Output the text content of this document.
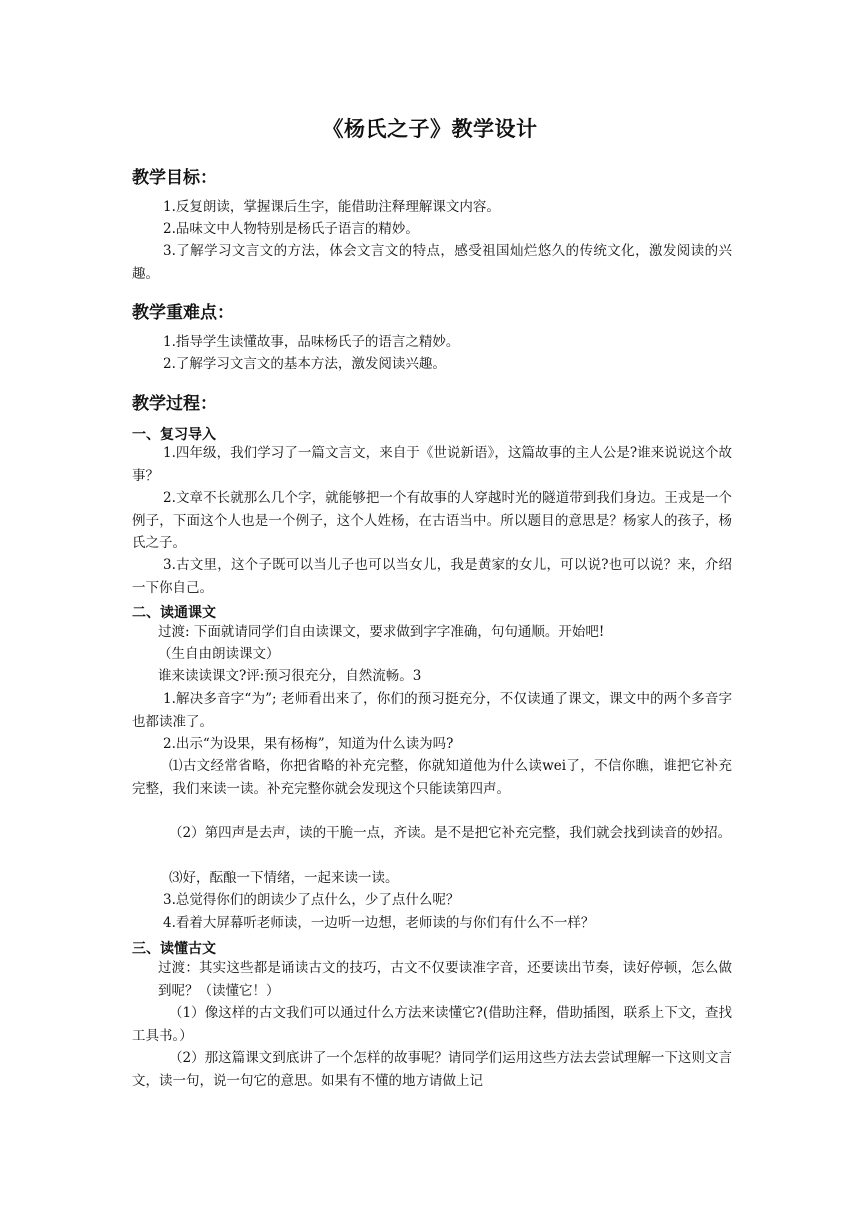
《杨氏之子》教学设计
教学目标：
1.反复朗读，掌握课后生字，能借助注释理解课文内容。
2.品味文中人物特别是杨氏子语言的精妙。
3.了解学习文言文的方法，体会文言文的特点，感受祖国灿烂悠久的传统文化，激发阅读的兴趣。
教学重难点：
1.指导学生读懂故事，品味杨氏子的语言之精妙。
2.了解学习文言文的基本方法，激发阅读兴趣。
教学过程：
一、复习导入
1.四年级，我们学习了一篇文言文，来自于《世说新语》，这篇故事的主人公是?谁来说说这个故事？
2.文章不长就那么几个字，就能够把一个有故事的人穿越时光的隧道带到我们身边。王戎是一个例子，下面这个人也是一个例子，这个人姓杨，在古语当中。所以题目的意思是？杨家人的孩子，杨氏之子。
3.古文里，这个子既可以当儿子也可以当女儿，我是黄家的女儿，可以说?也可以说？来，介绍一下你自己。
二、读通课文
过渡: 下面就请同学们自由读课文，要求做到字字准确，句句通顺。开始吧!
（生自由朗读课文）
谁来读读课文?评:预习很充分，自然流畅。3
1.解决多音字“为”; 老师看出来了，你们的预习挺充分，不仅读通了课文，课文中的两个多音字也都读准了。
2.出示“为设果，果有杨梅”，知道为什么读为吗?
⑴古文经常省略，你把省略的补充完整，你就知道他为什么读wei了，不信你瞧，谁把它补充完整，我们来读一读。补充完整你就会发现这个只能读第四声。
（2）第四声是去声，读的干脆一点，齐读。是不是把它补充完整，我们就会找到读音的妙招。
⑶好，酝酿一下情绪，一起来读一读。
3.总觉得你们的朗读少了点什么，少了点什么呢？
4.看着大屏幕听老师读，一边听一边想，老师读的与你们有什么不一样？
三、读懂古文
过渡：其实这些都是诵读古文的技巧，古文不仅要读准字音，还要读出节奏，读好停顿，怎么做到呢？（读懂它！）
（1）像这样的古文我们可以通过什么方法来读懂它?(借助注释，借助插图，联系上下文，查找工具书。）
（2）那这篇课文到底讲了一个怎样的故事呢？请同学们运用这些方法去尝试理解一下这则文言文，读一句，说一句它的意思。如果有不懂的地方请做上记
